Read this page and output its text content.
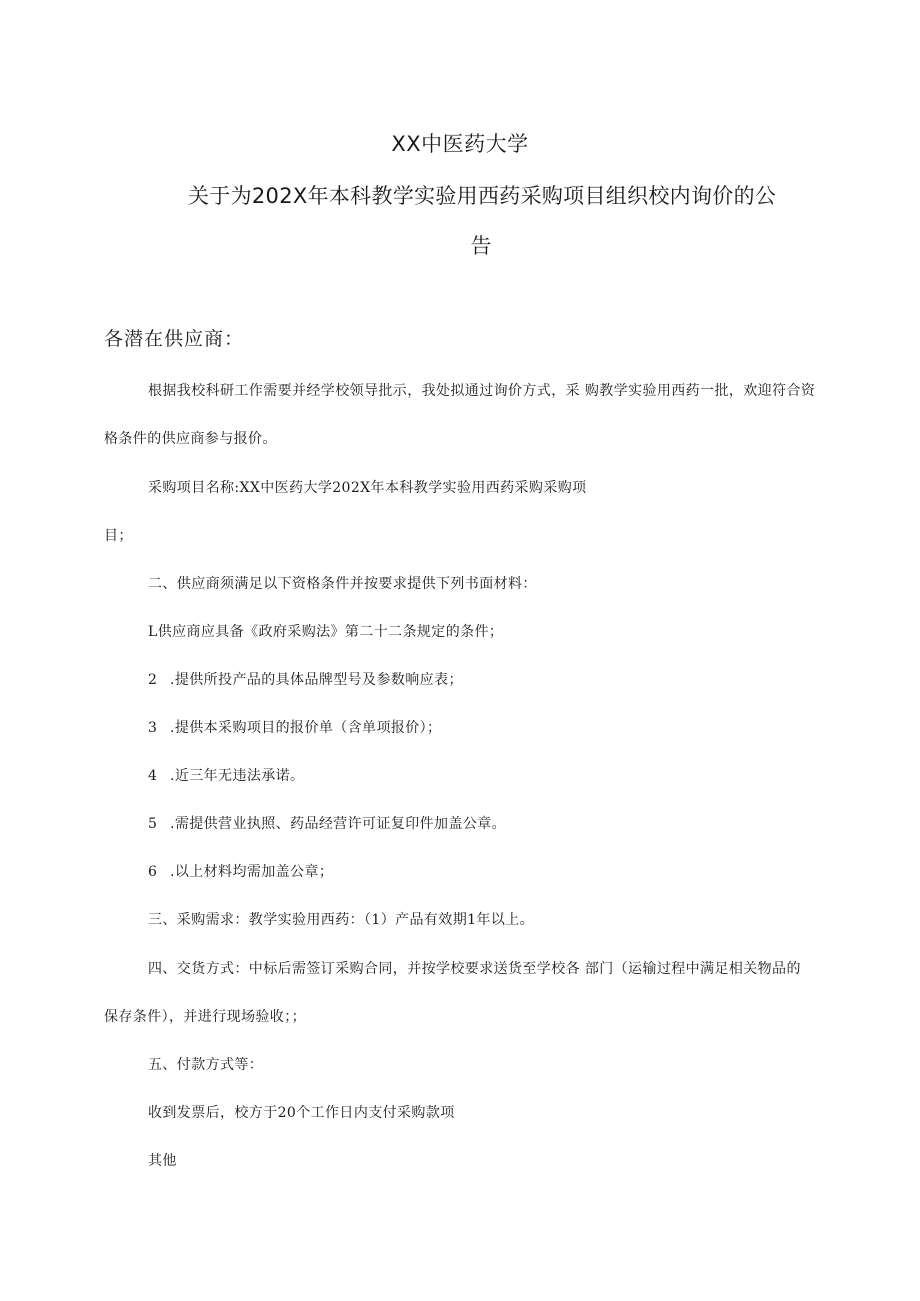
XX中医药大学

关于为202X年本科教学实验用西药采购项目组织校内询价的公

告

各潜在供应商：

根据我校科研工作需要并经学校领导批示，我处拟通过询价方式，采 购教学实验用西药一批，欢迎符合资

格条件的供应商参与报价。

采购项目名称:XX中医药大学202X年本科教学实验用西药采购采购项

目；

二、供应商须满足以下资格条件并按要求提供下列书面材料：

L供应商应具备《政府采购法》第二十二条规定的条件；

2 .提供所投产品的具体品牌型号及参数响应表；

3 .提供本采购项目的报价单（含单项报价）；

4 .近三年无违法承诺。

5 .需提供营业执照、药品经营许可证复印件加盖公章。

6 .以上材料均需加盖公章；

三、采购需求：教学实验用西药：（1）产品有效期1年以上。

四、交货方式：中标后需签订采购合同，并按学校要求送货至学校各 部门（运输过程中满足相关物品的

保存条件），并进行现场验收；；

五、付款方式等：

收到发票后，校方于20个工作日内支付采购款项

其他
